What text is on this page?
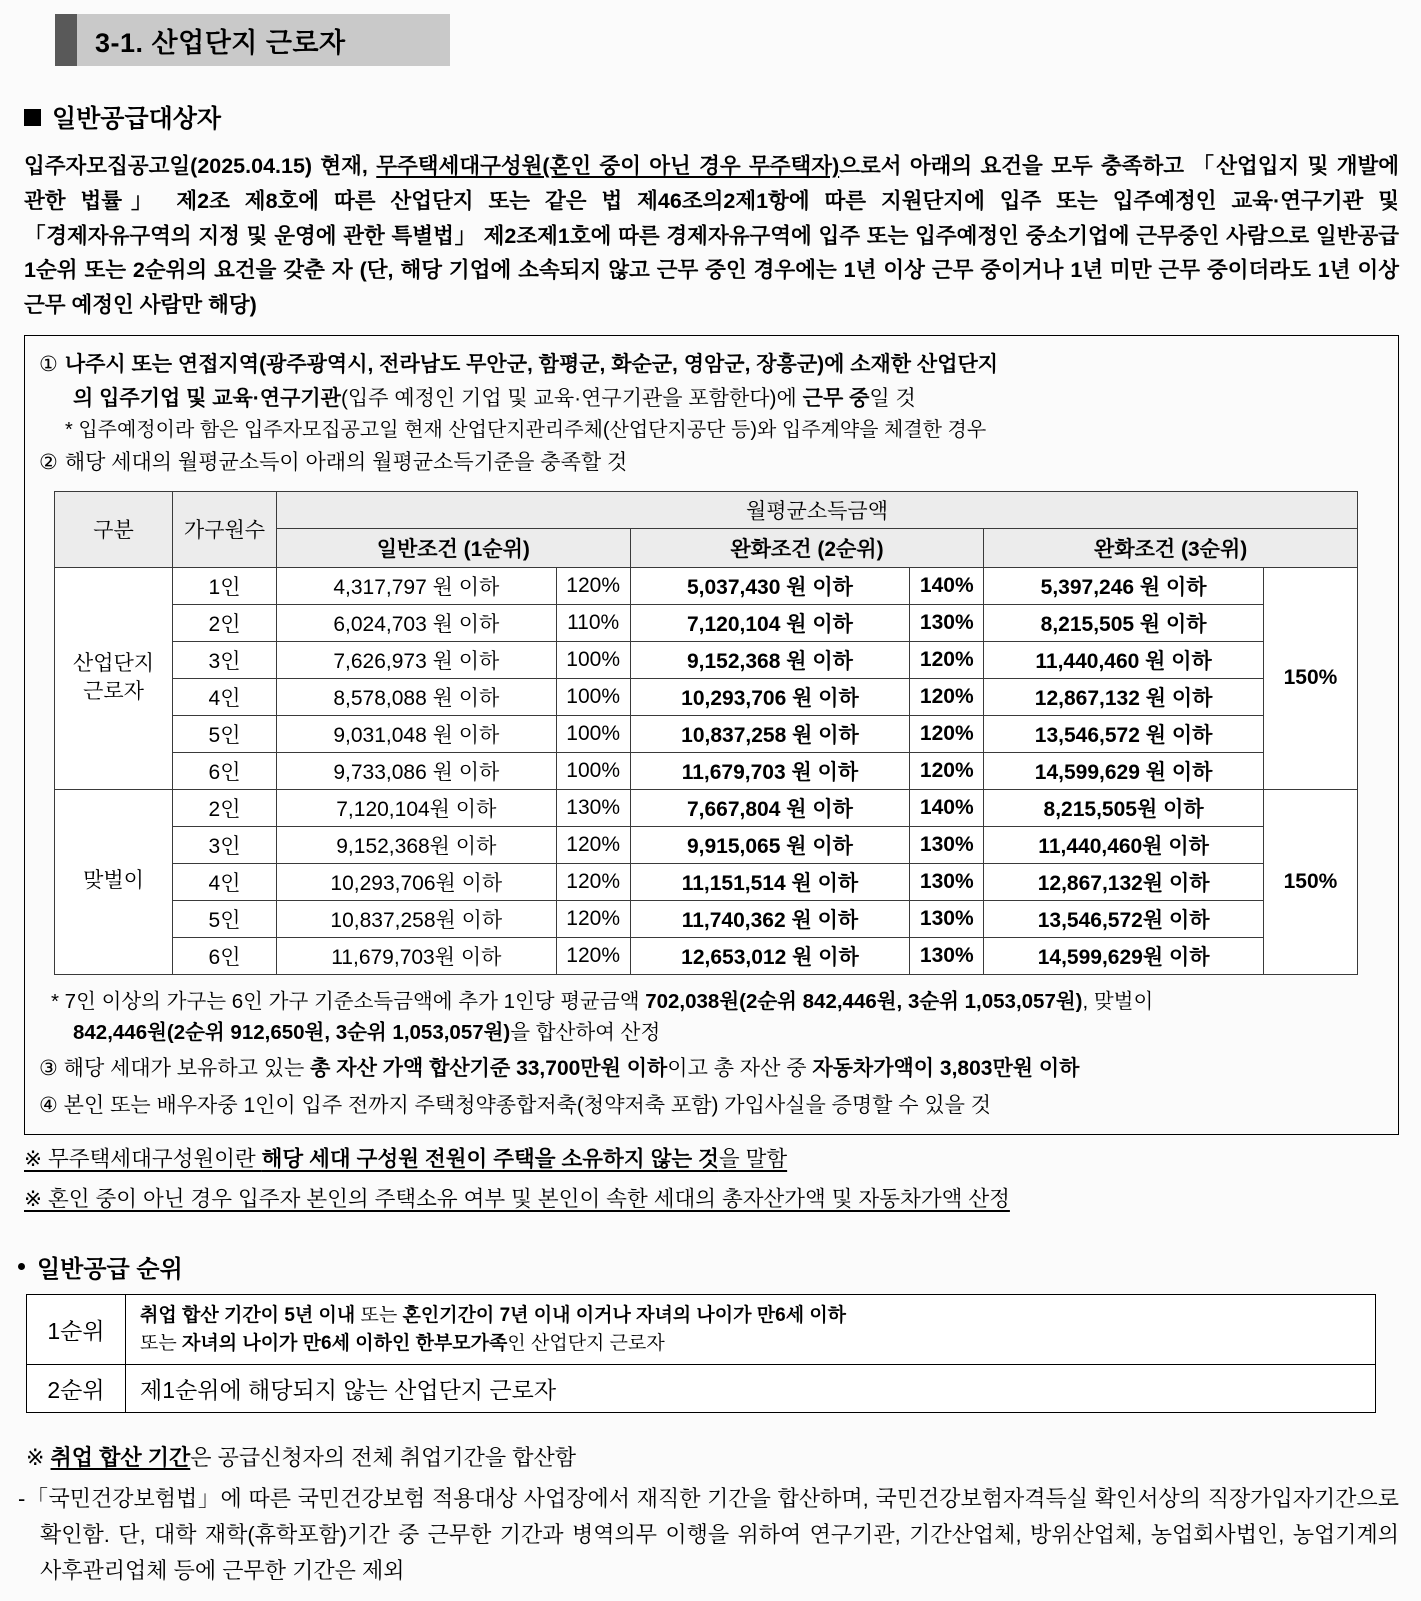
3-1. 산업단지 근로자
일반공급대상자
입주자모집공고일(2025.04.15) 현재, 무주택세대구성원(혼인 중이 아닌 경우 무주택자)으로서 아래의 요건을 모두 충족하고 「산업입지 및 개발에 관한 법률」 제2조 제8호에 따른 산업단지 또는 같은 법 제46조의2제1항에 따른 지원단지에 입주 또는 입주예정인 교육·연구기관 및「경제자유구역의 지정 및 운영에 관한 특별법」 제2조제1호에 따른 경제자유구역에 입주 또는 입주예정인 중소기업에 근무중인 사람으로 일반공급 1순위 또는 2순위의 요건을 갖춘 자 (단, 해당 기업에 소속되지 않고 근무 중인 경우에는 1년 이상 근무 중이거나 1년 미만 근무 중이더라도 1년 이상 근무 예정인 사람만 해당)
① 나주시 또는 연접지역(광주광역시, 전라남도 무안군, 함평군, 화순군, 영암군, 장흥군)에 소재한 산업단지
의 입주기업 및 교육·연구기관(입주 예정인 기업 및 교육·연구기관을 포함한다)에 근무 중일 것
* 입주예정이라 함은 입주자모집공고일 현재 산업단지관리주체(산업단지공단 등)와 입주계약을 체결한 경우
② 해당 세대의 월평균소득이 아래의 월평균소득기준을 충족할 것
구분	가구원수	월평균소득금액					
		일반조건 (1순위)		완화조건 (2순위)		완화조건 (3순위)	

산업단지
근로자	1인	4,317,797 원 이하	120%	5,037,430 원 이하	140%	5,397,246 원 이하	150%
	2인	6,024,703 원 이하	110%	7,120,104 원 이하	130%	8,215,505 원 이하	
	3인	7,626,973 원 이하	100%	9,152,368 원 이하	120%	11,440,460 원 이하	
	4인	8,578,088 원 이하	100%	10,293,706 원 이하	120%	12,867,132 원 이하	
	5인	9,031,048 원 이하	100%	10,837,258 원 이하	120%	13,546,572 원 이하	
	6인	9,733,086 원 이하	100%	11,679,703 원 이하	120%	14,599,629 원 이하	
맞벌이	2인	7,120,104원 이하	130%	7,667,804 원 이하	140%	8,215,505원 이하	150%
	3인	9,152,368원 이하	120%	9,915,065 원 이하	130%	11,440,460원 이하	
	4인	10,293,706원 이하	120%	11,151,514 원 이하	130%	12,867,132원 이하	
	5인	10,837,258원 이하	120%	11,740,362 원 이하	130%	13,546,572원 이하	
	6인	11,679,703원 이하	120%	12,653,012 원 이하	130%	14,599,629원 이하	
* 7인 이상의 가구는 6인 가구 기준소득금액에 추가 1인당 평균금액 702,038원(2순위 842,446원, 3순위 1,053,057원), 맞벌이
842,446원(2순위 912,650원, 3순위 1,053,057원)을 합산하여 산정
③ 해당 세대가 보유하고 있는 총 자산 가액 합산기준 33,700만원 이하이고 총 자산 중 자동차가액이 3,803만원 이하
④ 본인 또는 배우자중 1인이 입주 전까지 주택청약종합저축(청약저축 포함) 가입사실을 증명할 수 있을 것
※ 무주택세대구성원이란 해당 세대 구성원 전원이 주택을 소유하지 않는 것을 말함
※ 혼인 중이 아닌 경우 입주자 본인의 주택소유 여부 및 본인이 속한 세대의 총자산가액 및 자동차가액 산정
일반공급 순위
1순위	취업 합산 기간이 5년 이내 또는 혼인기간이 7년 이내 이거나 자녀의 나이가 만6세 이하
또는 자녀의 나이가 만6세 이하인 한부모가족인 산업단지 근로자

2순위	제1순위에 해당되지 않는 산업단지 근로자
※ 취업 합산 기간은 공급신청자의 전체 취업기간을 합산함
-「국민건강보험법」에 따른 국민건강보험 적용대상 사업장에서 재직한 기간을 합산하며, 국민건강보험자격득실 확인서상의 직장가입자기간으로 확인함. 단, 대학 재학(휴학포함)기간 중 근무한 기간과 병역의무 이행을 위하여 연구기관, 기간산업체, 방위산업체, 농업회사법인, 농업기계의 사후관리업체 등에 근무한 기간은 제외
